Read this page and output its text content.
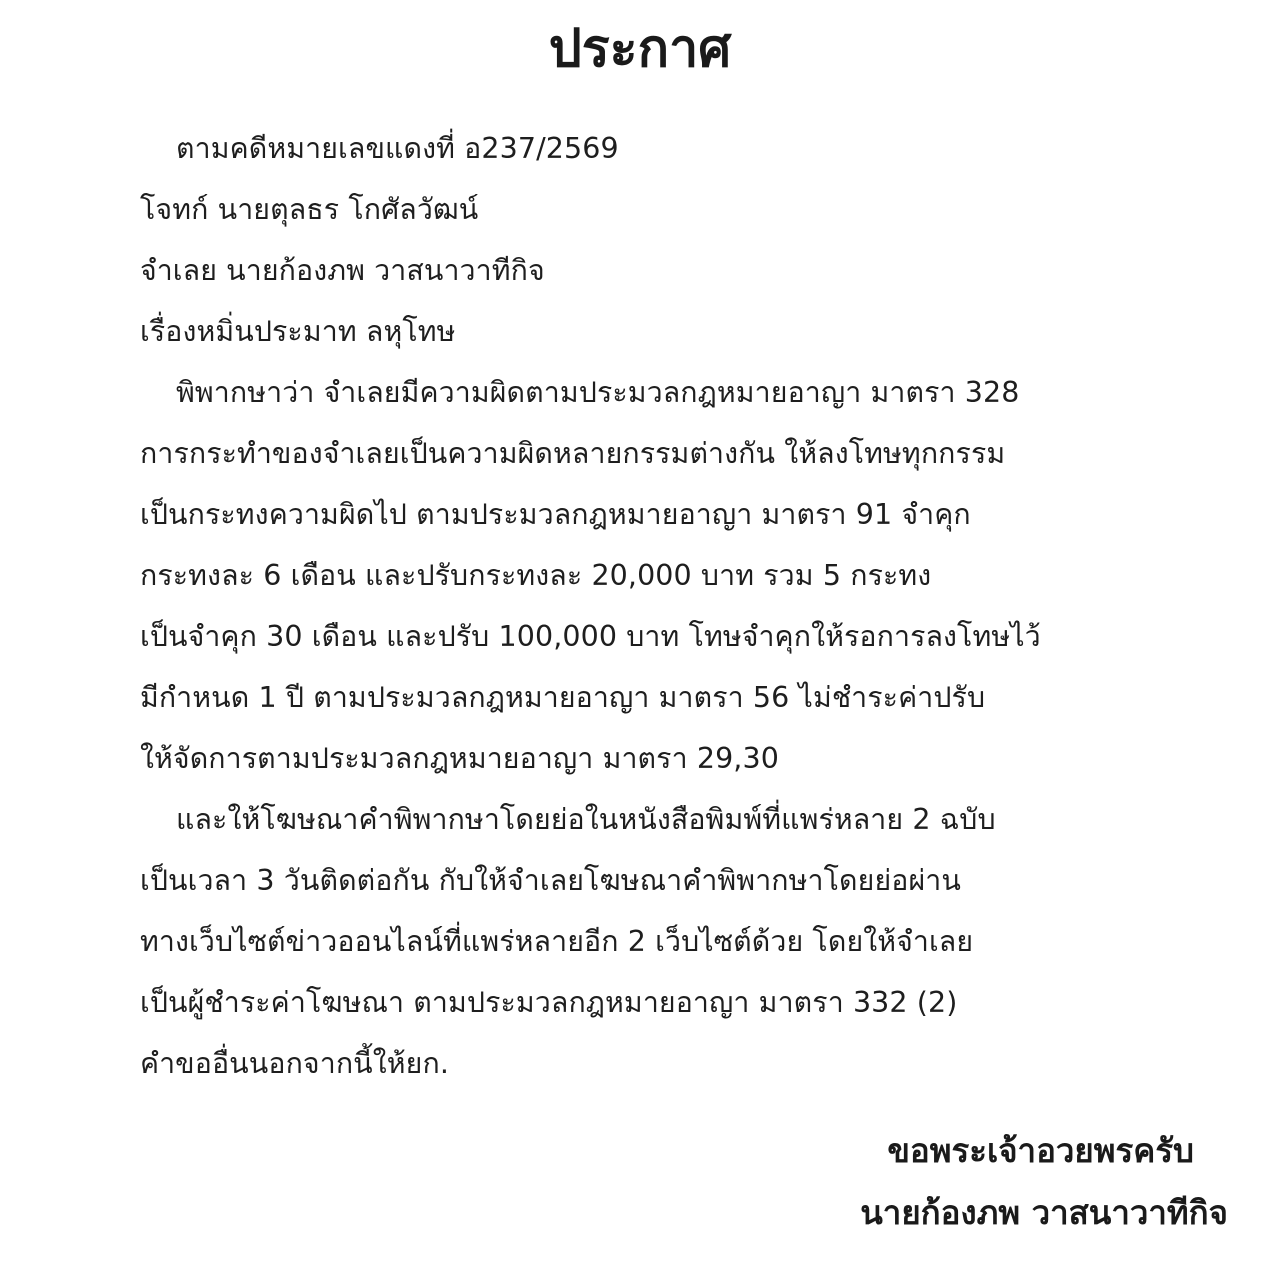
ประกาศ
ตามคดีหมายเลขแดงที่ อ237/2569
โจทก์ นายตุลธร โกศัลวัฒน์
จำเลย นายก้องภพ วาสนาวาทีกิจ
เรื่องหมิ่นประมาท ลหุโทษ
พิพากษาว่า จำเลยมีความผิดตามประมวลกฎหมายอาญา มาตรา 328
การกระทำของจำเลยเป็นความผิดหลายกรรมต่างกัน ให้ลงโทษทุกกรรม
เป็นกระทงความผิดไป ตามประมวลกฎหมายอาญา มาตรา 91 จำคุก
กระทงละ 6 เดือน และปรับกระทงละ 20,000 บาท รวม 5 กระทง
เป็นจำคุก 30 เดือน และปรับ 100,000 บาท โทษจำคุกให้รอการลงโทษไว้
มีกำหนด 1 ปี ตามประมวลกฎหมายอาญา มาตรา 56 ไม่ชำระค่าปรับ
ให้จัดการตามประมวลกฎหมายอาญา มาตรา 29,30
และให้โฆษณาคำพิพากษาโดยย่อในหนังสือพิมพ์ที่แพร่หลาย 2 ฉบับ
เป็นเวลา 3 วันติดต่อกัน กับให้จำเลยโฆษณาคำพิพากษาโดยย่อผ่าน
ทางเว็บไซต์ข่าวออนไลน์ที่แพร่หลายอีก 2 เว็บไซต์ด้วย โดยให้จำเลย
เป็นผู้ชำระค่าโฆษณา ตามประมวลกฎหมายอาญา มาตรา 332 (2)
คำขออื่นนอกจากนี้ให้ยก.
ขอพระเจ้าอวยพรครับ
นายก้องภพ วาสนาวาทีกิจ
